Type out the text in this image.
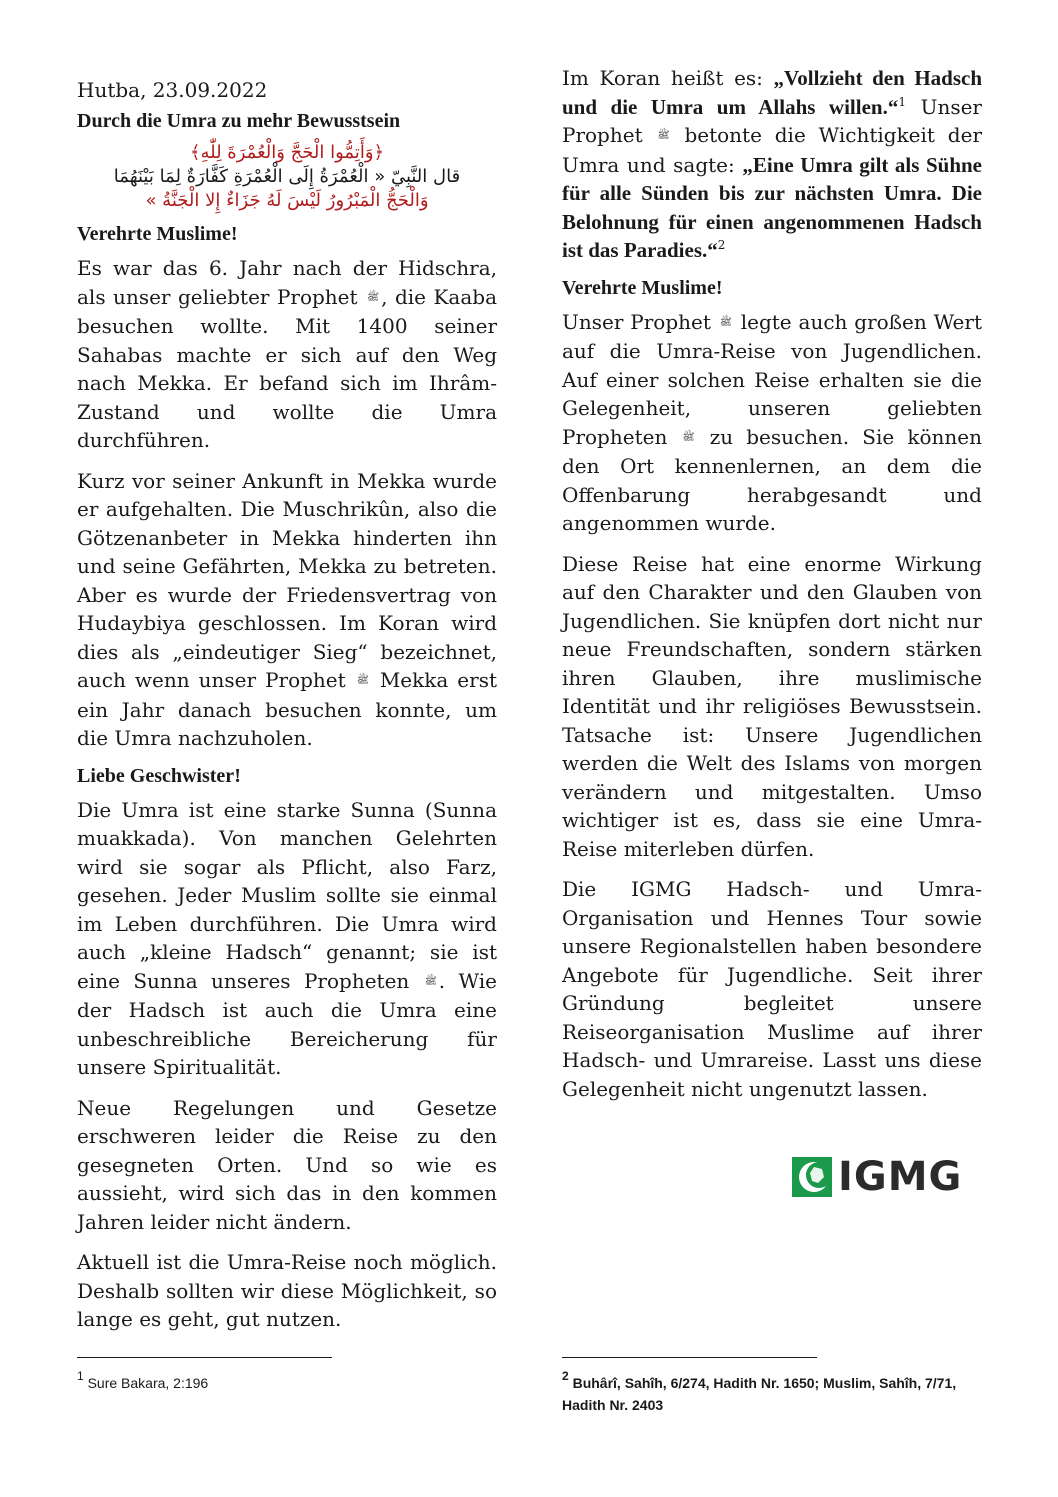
Hutba, 23.09.2022
Durch die Umra zu mehr Bewusstsein

﴿وَأَتِمُّوا الْحَجَّ وَالْعُمْرَةَ لِلّٰهِ﴾

قال النَّبِيّ « الْعُمْرَةُ إِلَى الْعُمْرَةِ كَفَّارَةٌ لِمَا بَيْنَهُمَا

وَالْحَجُّ الْمَبْرُورُ لَيْسَ لَهُ جَزَاءٌ إِلا الْجَنَّةُ »

Verehrte Muslime!

Es war das 6. Jahr nach der Hidschra, als unser geliebter Prophet ﷺ , die Kaaba besuchen wollte. Mit 1400 seiner Sahabas machte er sich auf den Weg nach Mekka. Er befand sich im Ihrâm-Zustand und wollte die Umra durchführen.

Kurz vor seiner Ankunft in Mekka wurde er aufgehalten. Die Muschrikûn, also die Götzenanbeter in Mekka hinderten ihn und seine Gefährten, Mekka zu betreten. Aber es wurde der Friedensvertrag von Hudaybiya geschlossen. Im Koran wird dies als „eindeutiger Sieg“ bezeichnet, auch wenn unser Prophet ﷺ Mekka erst ein Jahr danach besuchen konnte, um die Umra nachzuholen.

Liebe Geschwister!

Die Umra ist eine starke Sunna (Sunna muakkada). Von manchen Gelehrten wird sie sogar als Pflicht, also Farz, gesehen. Jeder Muslim sollte sie einmal im Leben durchführen. Die Umra wird auch „kleine Hadsch“ genannt; sie ist eine Sunna unseres Propheten ﷺ . Wie der Hadsch ist auch die Umra eine unbeschreibliche Bereicherung für unsere Spiritualität.

Neue Regelungen und Gesetze erschweren leider die Reise zu den gesegneten Orten. Und so wie es aussieht, wird sich das in den kommen Jahren leider nicht ändern.

Aktuell ist die Umra-Reise noch möglich. Deshalb sollten wir diese Möglichkeit, so lange es geht, gut nutzen.

Im Koran heißt es: „Vollzieht den Hadsch und die Umra um Allahs willen.“$^1$ Unser Prophet ﷺ betonte die Wichtigkeit der Umra und sagte: „Eine Umra gilt als Sühne für alle Sünden bis zur nächsten Umra. Die Belohnung für einen angenommenen Hadsch ist das Paradies.“$^2$

Verehrte Muslime!

Unser Prophet ﷺ legte auch großen Wert auf die Umra-Reise von Jugendlichen. Auf einer solchen Reise erhalten sie die Gelegenheit, unseren geliebten Propheten ﷺ zu besuchen. Sie können den Ort kennenlernen, an dem die Offenbarung herabgesandt und angenommen wurde.

Diese Reise hat eine enorme Wirkung auf den Charakter und den Glauben von Jugendlichen. Sie knüpfen dort nicht nur neue Freundschaften, sondern stärken ihren Glauben, ihre muslimische Identität und ihr religiöses Bewusstsein. Tatsache ist: Unsere Jugendlichen werden die Welt des Islams von morgen verändern und mitgestalten. Umso wichtiger ist es, dass sie eine Umra-Reise miterleben dürfen.

Die IGMG Hadsch- und Umra-Organisation und Hennes Tour sowie unsere Regionalstellen haben besondere Angebote für Jugendliche. Seit ihrer Gründung begleitet unsere Reiseorganisation Muslime auf ihrer Hadsch- und Umrareise. Lasst uns diese Gelegenheit nicht ungenutzt lassen.

IGMG
$^1$ Sure Bakara, 2:196	$^2$ Buhârî, Sahîh, 6/274, Hadith Nr. 1650; Muslim, Sahîh, 7/71, Hadith Nr. 2403
